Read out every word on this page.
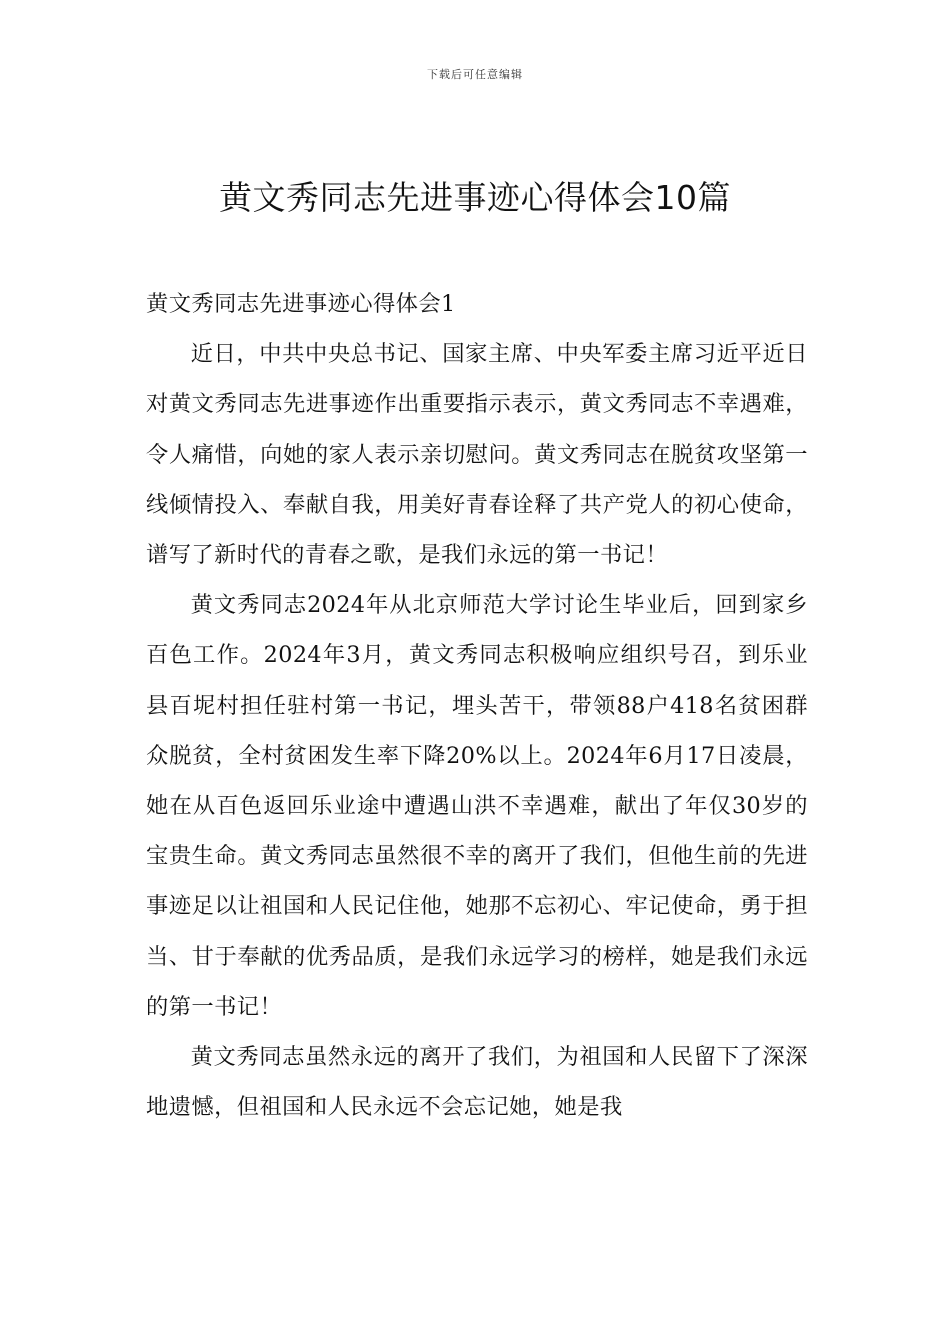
下载后可任意编辑
黄文秀同志先进事迹心得体会10篇

黄文秀同志先进事迹心得体会1

近日，中共中央总书记、国家主席、中央军委主席习近平近日对黄文秀同志先进事迹作出重要指示表示，黄文秀同志不幸遇难，令人痛惜，向她的家人表示亲切慰问。黄文秀同志在脱贫攻坚第一线倾情投入、奉献自我，用美好青春诠释了共产党人的初心使命，谱写了新时代的青春之歌，是我们永远的第一书记！

黄文秀同志2024年从北京师范大学讨论生毕业后，回到家乡百色工作。2024年3月，黄文秀同志积极响应组织号召，到乐业县百坭村担任驻村第一书记，埋头苦干，带领88户418名贫困群众脱贫，全村贫困发生率下降20%以上。2024年6月17日凌晨，她在从百色返回乐业途中遭遇山洪不幸遇难，献出了年仅30岁的宝贵生命。黄文秀同志虽然很不幸的离开了我们，但他生前的先进事迹足以让祖国和人民记住他，她那不忘初心、牢记使命，勇于担当、甘于奉献的优秀品质，是我们永远学习的榜样，她是我们永远的第一书记！

黄文秀同志虽然永远的离开了我们，为祖国和人民留下了深深地遗憾，但祖国和人民永远不会忘记她，她是我
